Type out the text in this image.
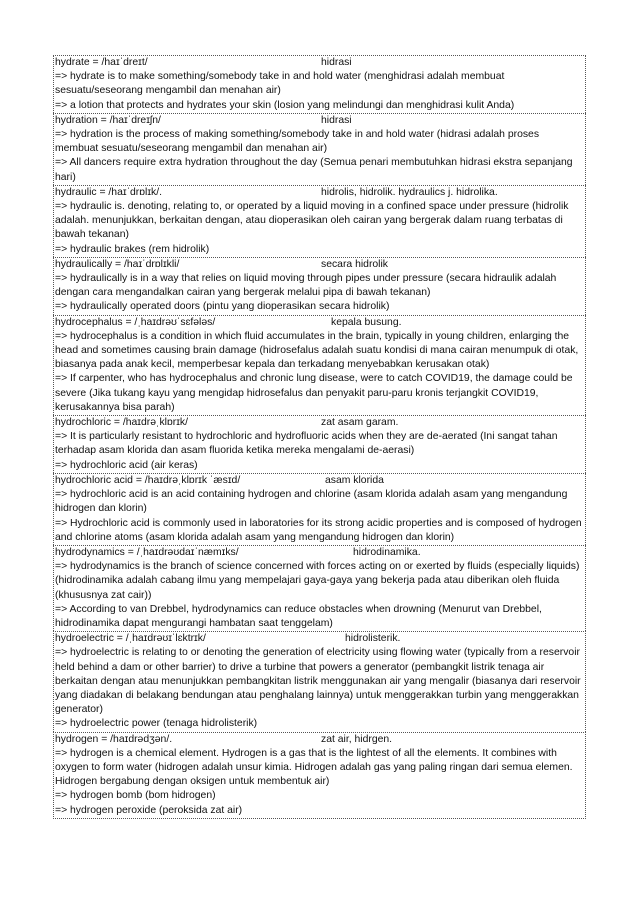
hydrate = /haɪˈdreɪt/	hidrasi
=> hydrate is to make something/somebody take in and hold water (menghidrasi adalah membuat sesuatu/seseorang mengambil dan menahan air)
=> a lotion that protects and hydrates your skin (losion yang melindungi dan menghidrasi kulit Anda)
hydration = /haɪˈdreɪʃn/	hidrasi
=> hydration is the process of making something/somebody take in and hold water (hidrasi adalah proses membuat sesuatu/seseorang mengambil dan menahan air)
=> All dancers require extra hydration throughout the day (Semua penari membutuhkan hidrasi ekstra sepanjang hari)
hydraulic = /haɪˈdrɒlɪk/.	hidrolis, hidrolik. hydraulics j. hidrolika.
=> hydraulic is. denoting, relating to, or operated by a liquid moving in a confined space under pressure (hidrolik adalah. menunjukkan, berkaitan dengan, atau dioperasikan oleh cairan yang bergerak dalam ruang terbatas di bawah tekanan)
=> hydraulic brakes (rem hidrolik)
hydraulically = /haɪˈdrɒlɪkli/	secara hidrolik
=> hydraulically is in a way that relies on liquid moving through pipes under pressure (secara hidraulik adalah dengan cara mengandalkan cairan yang bergerak melalui pipa di bawah tekanan)
=> hydraulically operated doors (pintu yang dioperasikan secara hidrolik)
hydrocephalus = /ˌhaɪdrəʊˈsɛfələs/	kepala busung.
=> hydrocephalus is a condition in which fluid accumulates in the brain, typically in young children, enlarging the head and sometimes causing brain damage (hidrosefalus adalah suatu kondisi di mana cairan menumpuk di otak, biasanya pada anak kecil, memperbesar kepala dan terkadang menyebabkan kerusakan otak)
=> If carpenter, who has hydrocephalus and chronic lung disease, were to catch COVID19, the damage could be severe (Jika tukang kayu yang mengidap hidrosefalus dan penyakit paru-paru kronis terjangkit COVID19, kerusakannya bisa parah)
hydrochloric = /haɪdrəˌklɒrɪk/	zat asam garam.
=> It is particularly resistant to hydrochloric and hydrofluoric acids when they are de-aerated (Ini sangat tahan terhadap asam klorida dan asam fluorida ketika mereka mengalami de-aerasi)
=> hydrochloric acid (air keras)
hydrochloric acid = /haɪdrəˌklɒrɪk ˈæsɪd/	asam klorida
=> hydrochloric acid is an acid containing hydrogen and chlorine (asam klorida adalah asam yang mengandung hidrogen dan klorin)
=> Hydrochloric acid is commonly used in laboratories for its strong acidic properties and is composed of hydrogen and chlorine atoms (asam klorida adalah asam yang mengandung hidrogen dan klorin)
hydrodynamics = /ˌhaɪdrəʊdaɪˈnæmɪks/	hidrodinamika.
=> hydrodynamics is the branch of science concerned with forces acting on or exerted by fluids (especially liquids) (hidrodinamika adalah cabang ilmu yang mempelajari gaya-gaya yang bekerja pada atau diberikan oleh fluida (khususnya zat cair))
=> According to van Drebbel, hydrodynamics can reduce obstacles when drowning (Menurut van Drebbel, hidrodinamika dapat mengurangi hambatan saat tenggelam)
hydroelectric = /ˌhaɪdrəʊɪˈlɛktrɪk/	hidrolisterik.
=> hydroelectric is relating to or denoting the generation of electricity using flowing water (typically from a reservoir held behind a dam or other barrier) to drive a turbine that powers a generator (pembangkit listrik tenaga air berkaitan dengan atau menunjukkan pembangkitan listrik menggunakan air yang mengalir (biasanya dari reservoir yang diadakan di belakang bendungan atau penghalang lainnya) untuk menggerakkan turbin yang menggerakkan generator)
=> hydroelectric power (tenaga hidrolisterik)
hydrogen = /haɪdrədʒən/.	zat air, hidrgen.
=> hydrogen is a chemical element. Hydrogen is a gas that is the lightest of all the elements. It combines with oxygen to form water (hidrogen adalah unsur kimia. Hidrogen adalah gas yang paling ringan dari semua elemen. Hidrogen bergabung dengan oksigen untuk membentuk air)
=> hydrogen bomb (bom hidrogen)
=> hydrogen peroxide (peroksida zat air)
